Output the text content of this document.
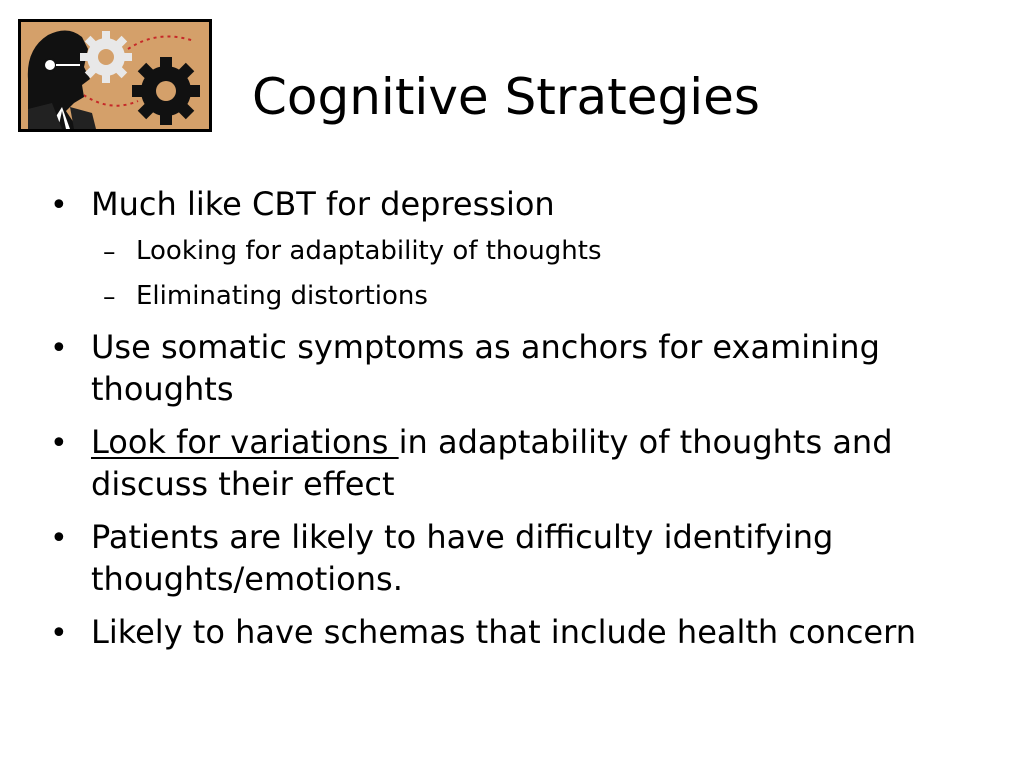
Cognitive Strategies
• Much like CBT for depression
– Looking for adaptability of thoughts
– Eliminating distortions
• Use somatic symptoms as anchors for examining
thoughts
• Look for variations in adaptability of thoughts and
discuss their effect
• Patients are likely to have difficulty identifying
thoughts/emotions.
• Likely to have schemas that include health concern
